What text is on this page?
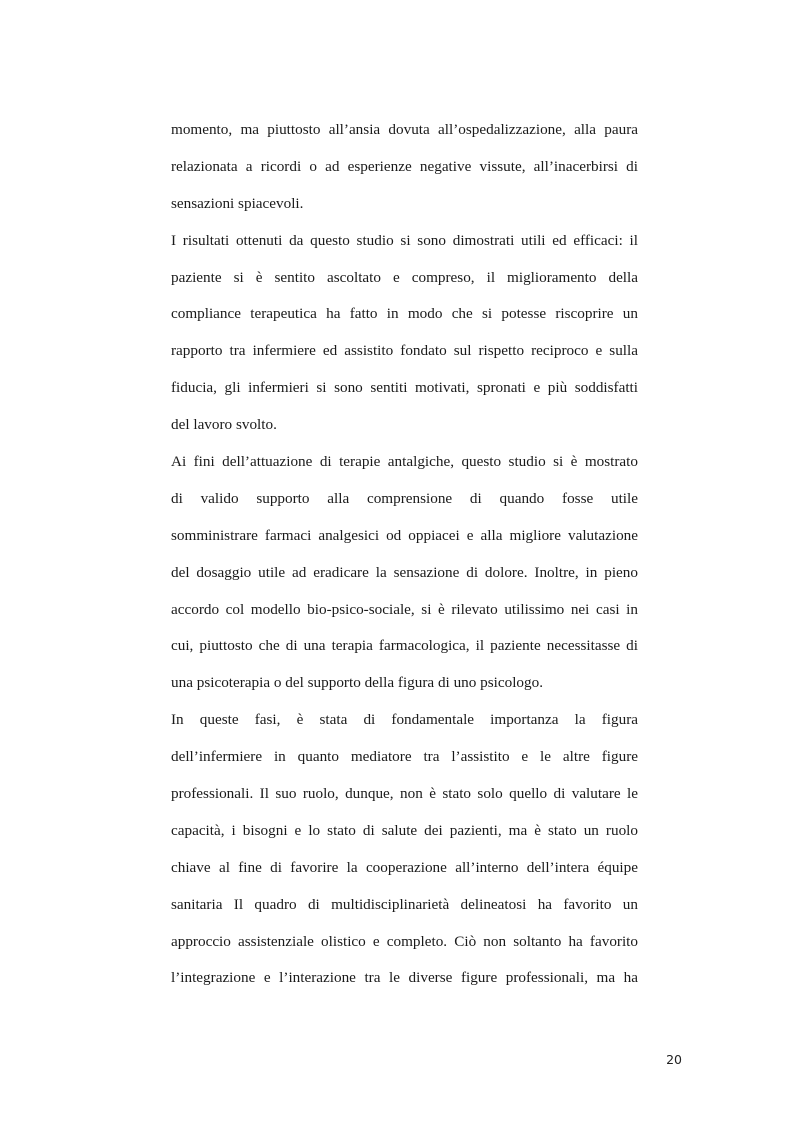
momento, ma piuttosto all’ansia dovuta all’ospedalizzazione, alla paura
relazionata a ricordi o ad esperienze negative vissute, all’inacerbirsi di
sensazioni spiacevoli.
I risultati ottenuti da questo studio si sono dimostrati utili ed efficaci: il
paziente si è sentito ascoltato e compreso, il miglioramento della
compliance terapeutica ha fatto in modo che si potesse riscoprire un
rapporto tra infermiere ed assistito fondato sul rispetto reciproco e sulla
fiducia, gli infermieri si sono sentiti motivati, spronati e più soddisfatti
del lavoro svolto.
Ai fini dell’attuazione di terapie antalgiche, questo studio si è mostrato
di valido supporto alla comprensione di quando fosse utile
somministrare farmaci analgesici od oppiacei e alla migliore valutazione
del dosaggio utile ad eradicare la sensazione di dolore. Inoltre, in pieno
accordo col modello bio-psico-sociale, si è rilevato utilissimo nei casi in
cui, piuttosto che di una terapia farmacologica, il paziente necessitasse di
una psicoterapia o del supporto della figura di uno psicologo.
In queste fasi, è stata di fondamentale importanza la figura
dell’infermiere in quanto mediatore tra l’assistito e le altre figure
professionali. Il suo ruolo, dunque, non è stato solo quello di valutare le
capacità, i bisogni e lo stato di salute dei pazienti, ma è stato un ruolo
chiave al fine di favorire la cooperazione all’interno dell’intera équipe
sanitaria Il quadro di multidisciplinarietà delineatosi ha favorito un
approccio assistenziale olistico e completo. Ciò non soltanto ha favorito
l’integrazione e l’interazione tra le diverse figure professionali, ma ha
20
